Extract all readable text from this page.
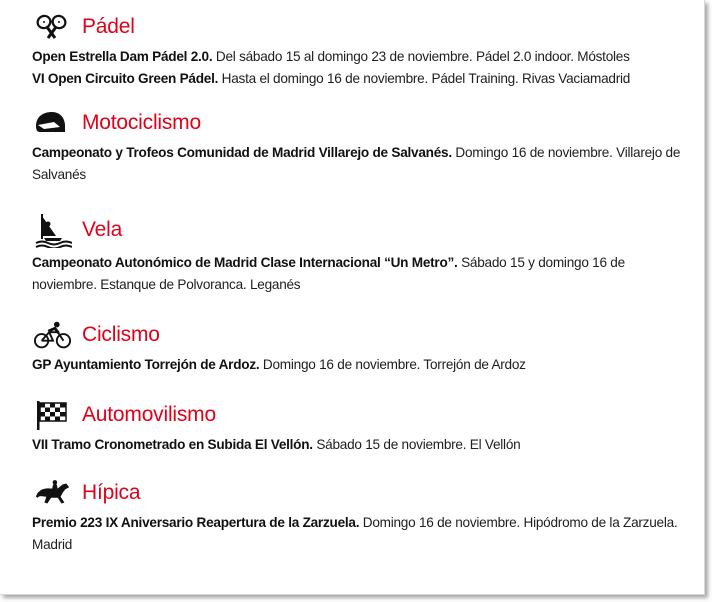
Pádel

Open Estrella Dam Pádel 2.0. Del sábado 15 al domingo 23 de noviembre. Pádel 2.0 indoor. Móstoles

VI Open Circuito Green Pádel. Hasta el domingo 16 de noviembre. Pádel Training. Rivas Vaciamadrid

Motociclismo

Campeonato y Trofeos Comunidad de Madrid Villarejo de Salvanés. Domingo 16 de noviembre. Villarejo de Salvanés

Vela

Campeonato Autonómico de Madrid Clase Internacional “Un Metro”. Sábado 15 y domingo 16 de noviembre. Estanque de Polvoranca. Leganés

Ciclismo

GP Ayuntamiento Torrejón de Ardoz. Domingo 16 de noviembre. Torrejón de Ardoz

Automovilismo

VII Tramo Cronometrado en Subida El Vellón. Sábado 15 de noviembre. El Vellón

Hípica

Premio 223 IX Aniversario Reapertura de la Zarzuela. Domingo 16 de noviembre. Hipódromo de la Zarzuela. Madrid
